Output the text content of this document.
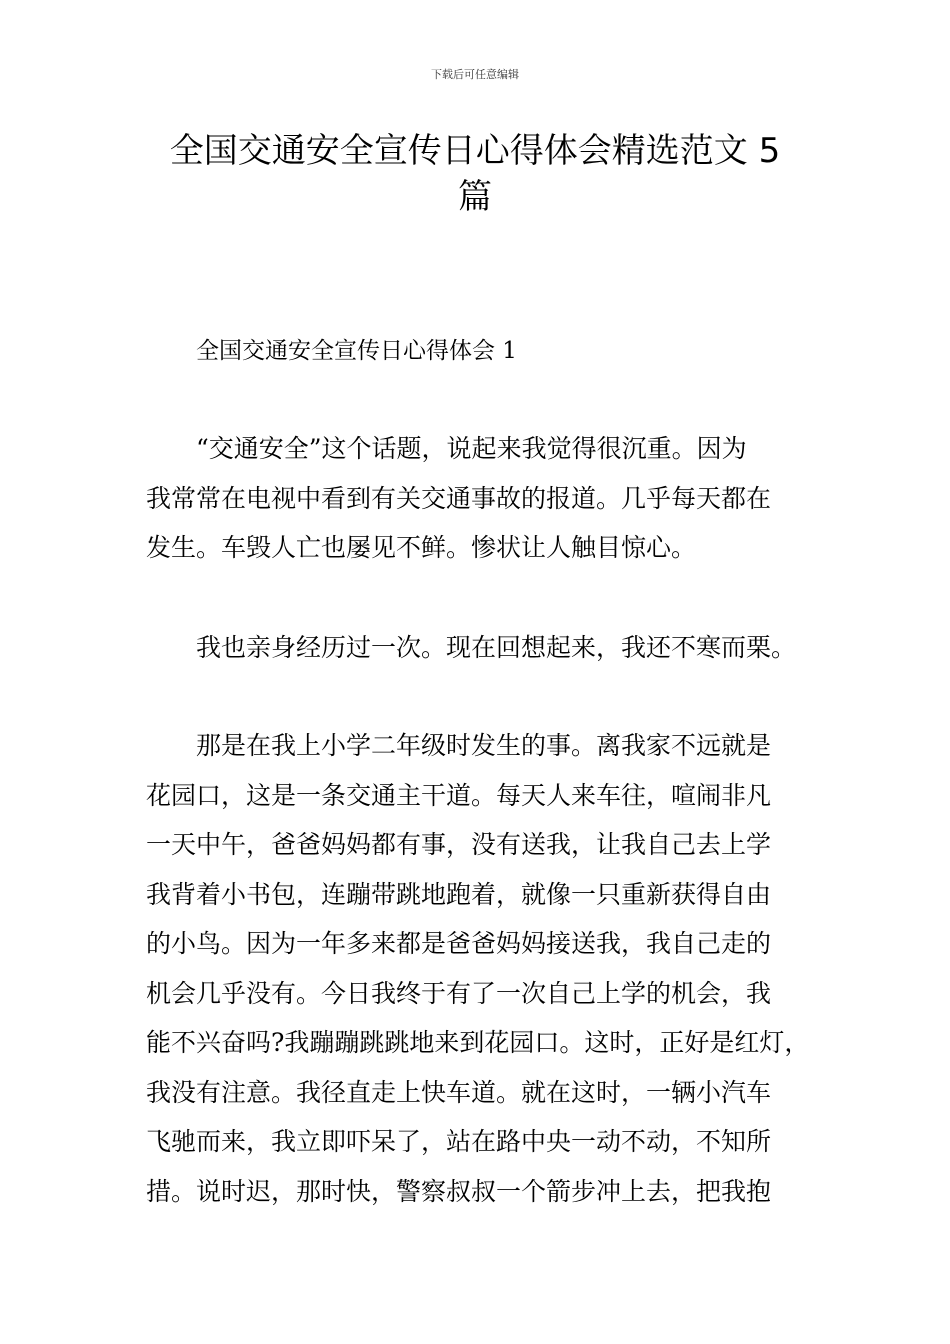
下载后可任意编辑
全国交通安全宣传日心得体会精选范文 5
篇
全国交通安全宣传日心得体会 1
“交通安全”这个话题，说起来我觉得很沉重。因为
我常常在电视中看到有关交通事故的报道。几乎每天都在
发生。车毁人亡也屡见不鲜。惨状让人触目惊心。
我也亲身经历过一次。现在回想起来，我还不寒而栗。
那是在我上小学二年级时发生的事。离我家不远就是
花园口，这是一条交通主干道。每天人来车往，喧闹非凡
一天中午，爸爸妈妈都有事，没有送我，让我自己去上学
我背着小书包，连蹦带跳地跑着，就像一只重新获得自由
的小鸟。因为一年多来都是爸爸妈妈接送我，我自己走的
机会几乎没有。今日我终于有了一次自己上学的机会，我
能不兴奋吗?我蹦蹦跳跳地来到花园口。这时，正好是红灯，
我没有注意。我径直走上快车道。就在这时，一辆小汽车
飞驰而来，我立即吓呆了，站在路中央一动不动，不知所
措。说时迟，那时快，警察叔叔一个箭步冲上去，把我抱
